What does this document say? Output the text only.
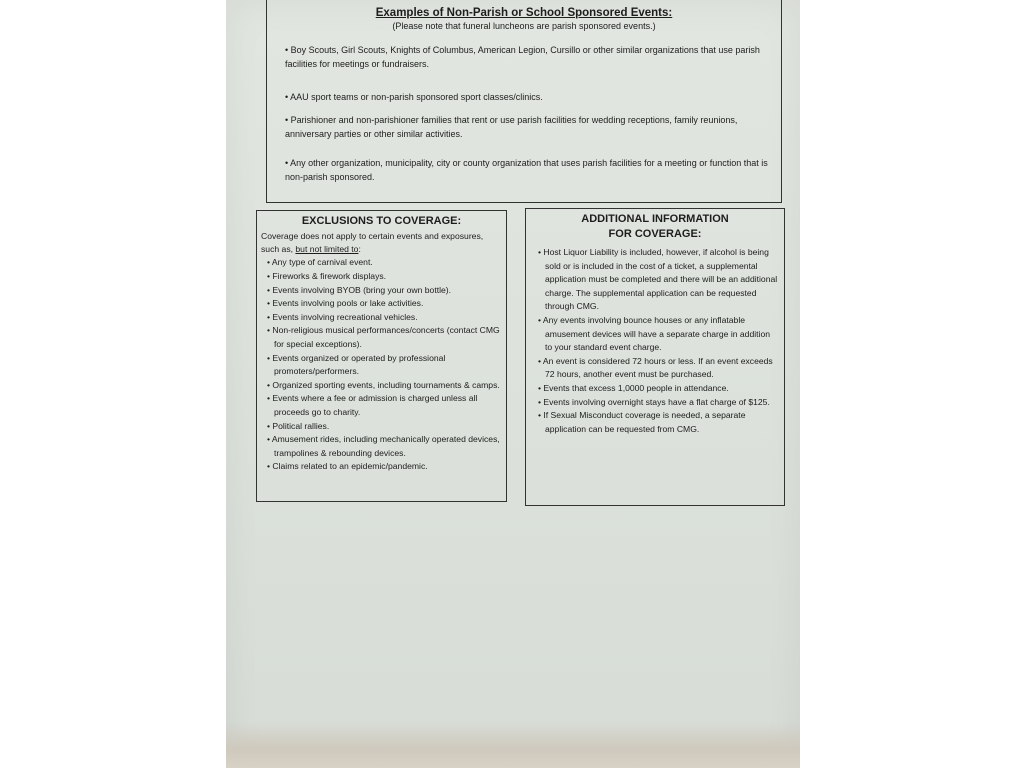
Examples of Non-Parish or School Sponsored Events:
(Please note that funeral luncheons are parish sponsored events.)
• Boy Scouts, Girl Scouts, Knights of Columbus, American Legion, Cursillo or other similar organizations that use parish facilities for meetings or fundraisers.
• AAU sport teams or non-parish sponsored sport classes/clinics.
• Parishioner and non-parishioner families that rent or use parish facilities for wedding receptions, family reunions, anniversary parties or other similar activities.
• Any other organization, municipality, city or county organization that uses parish facilities for a meeting or function that is non-parish sponsored.
EXCLUSIONS TO COVERAGE:
Coverage does not apply to certain events and exposures, such as, but not limited to:
• Any type of carnival event.
• Fireworks & firework displays.
• Events involving BYOB (bring your own bottle).
• Events involving pools or lake activities.
• Events involving recreational vehicles.
• Non-religious musical performances/concerts (contact CMG for special exceptions).
• Events organized or operated by professional promoters/performers.
• Organized sporting events, including tournaments & camps.
• Events where a fee or admission is charged unless all proceeds go to charity.
• Political rallies.
• Amusement rides, including mechanically operated devices, trampolines & rebounding devices.
• Claims related to an epidemic/pandemic.
ADDITIONAL INFORMATION
FOR COVERAGE:
• Host Liquor Liability is included, however, if alcohol is being sold or is included in the cost of a ticket, a supplemental application must be completed and there will be an additional charge. The supplemental application can be requested through CMG.
• Any events involving bounce houses or any inflatable amusement devices will have a separate charge in addition to your standard event charge.
• An event is considered 72 hours or less. If an event exceeds 72 hours, another event must be purchased.
• Events that excess 1,0000 people in attendance.
• Events involving overnight stays have a flat charge of $125.
• If Sexual Misconduct coverage is needed, a separate application can be requested from CMG.
